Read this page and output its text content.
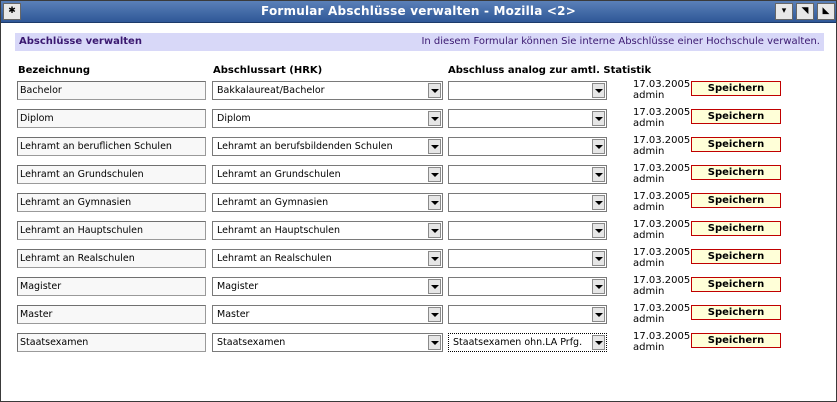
✱	Formular Abschlüsse verwalten - Mozilla <2>	▾	◥	◣
Abschlüsse verwalten	In diesem Formular können Sie interne Abschlüsse einer Hochschule verwalten.
Bezeichnung	Abschlussart (HRK)	Abschluss analog zur amtl. Statistik
Bachelor	Bakkalaureat/Bachelor
17.03.2005
admin
Speichern
Diplom	Diplom
17.03.2005
admin
Speichern
Lehramt an beruflichen Schulen	Lehramt an berufsbildenden Schulen
17.03.2005
admin
Speichern
Lehramt an Grundschulen	Lehramt an Grundschulen
17.03.2005
admin
Speichern
Lehramt an Gymnasien	Lehramt an Gymnasien
17.03.2005
admin
Speichern
Lehramt an Hauptschulen	Lehramt an Hauptschulen
17.03.2005
admin
Speichern
Lehramt an Realschulen	Lehramt an Realschulen
17.03.2005
admin
Speichern
Magister	Magister
17.03.2005
admin
Speichern
Master	Master
17.03.2005
admin
Speichern
Staatsexamen	Staatsexamen	Staatsexamen ohn.LA Prfg.
17.03.2005
admin
Speichern
